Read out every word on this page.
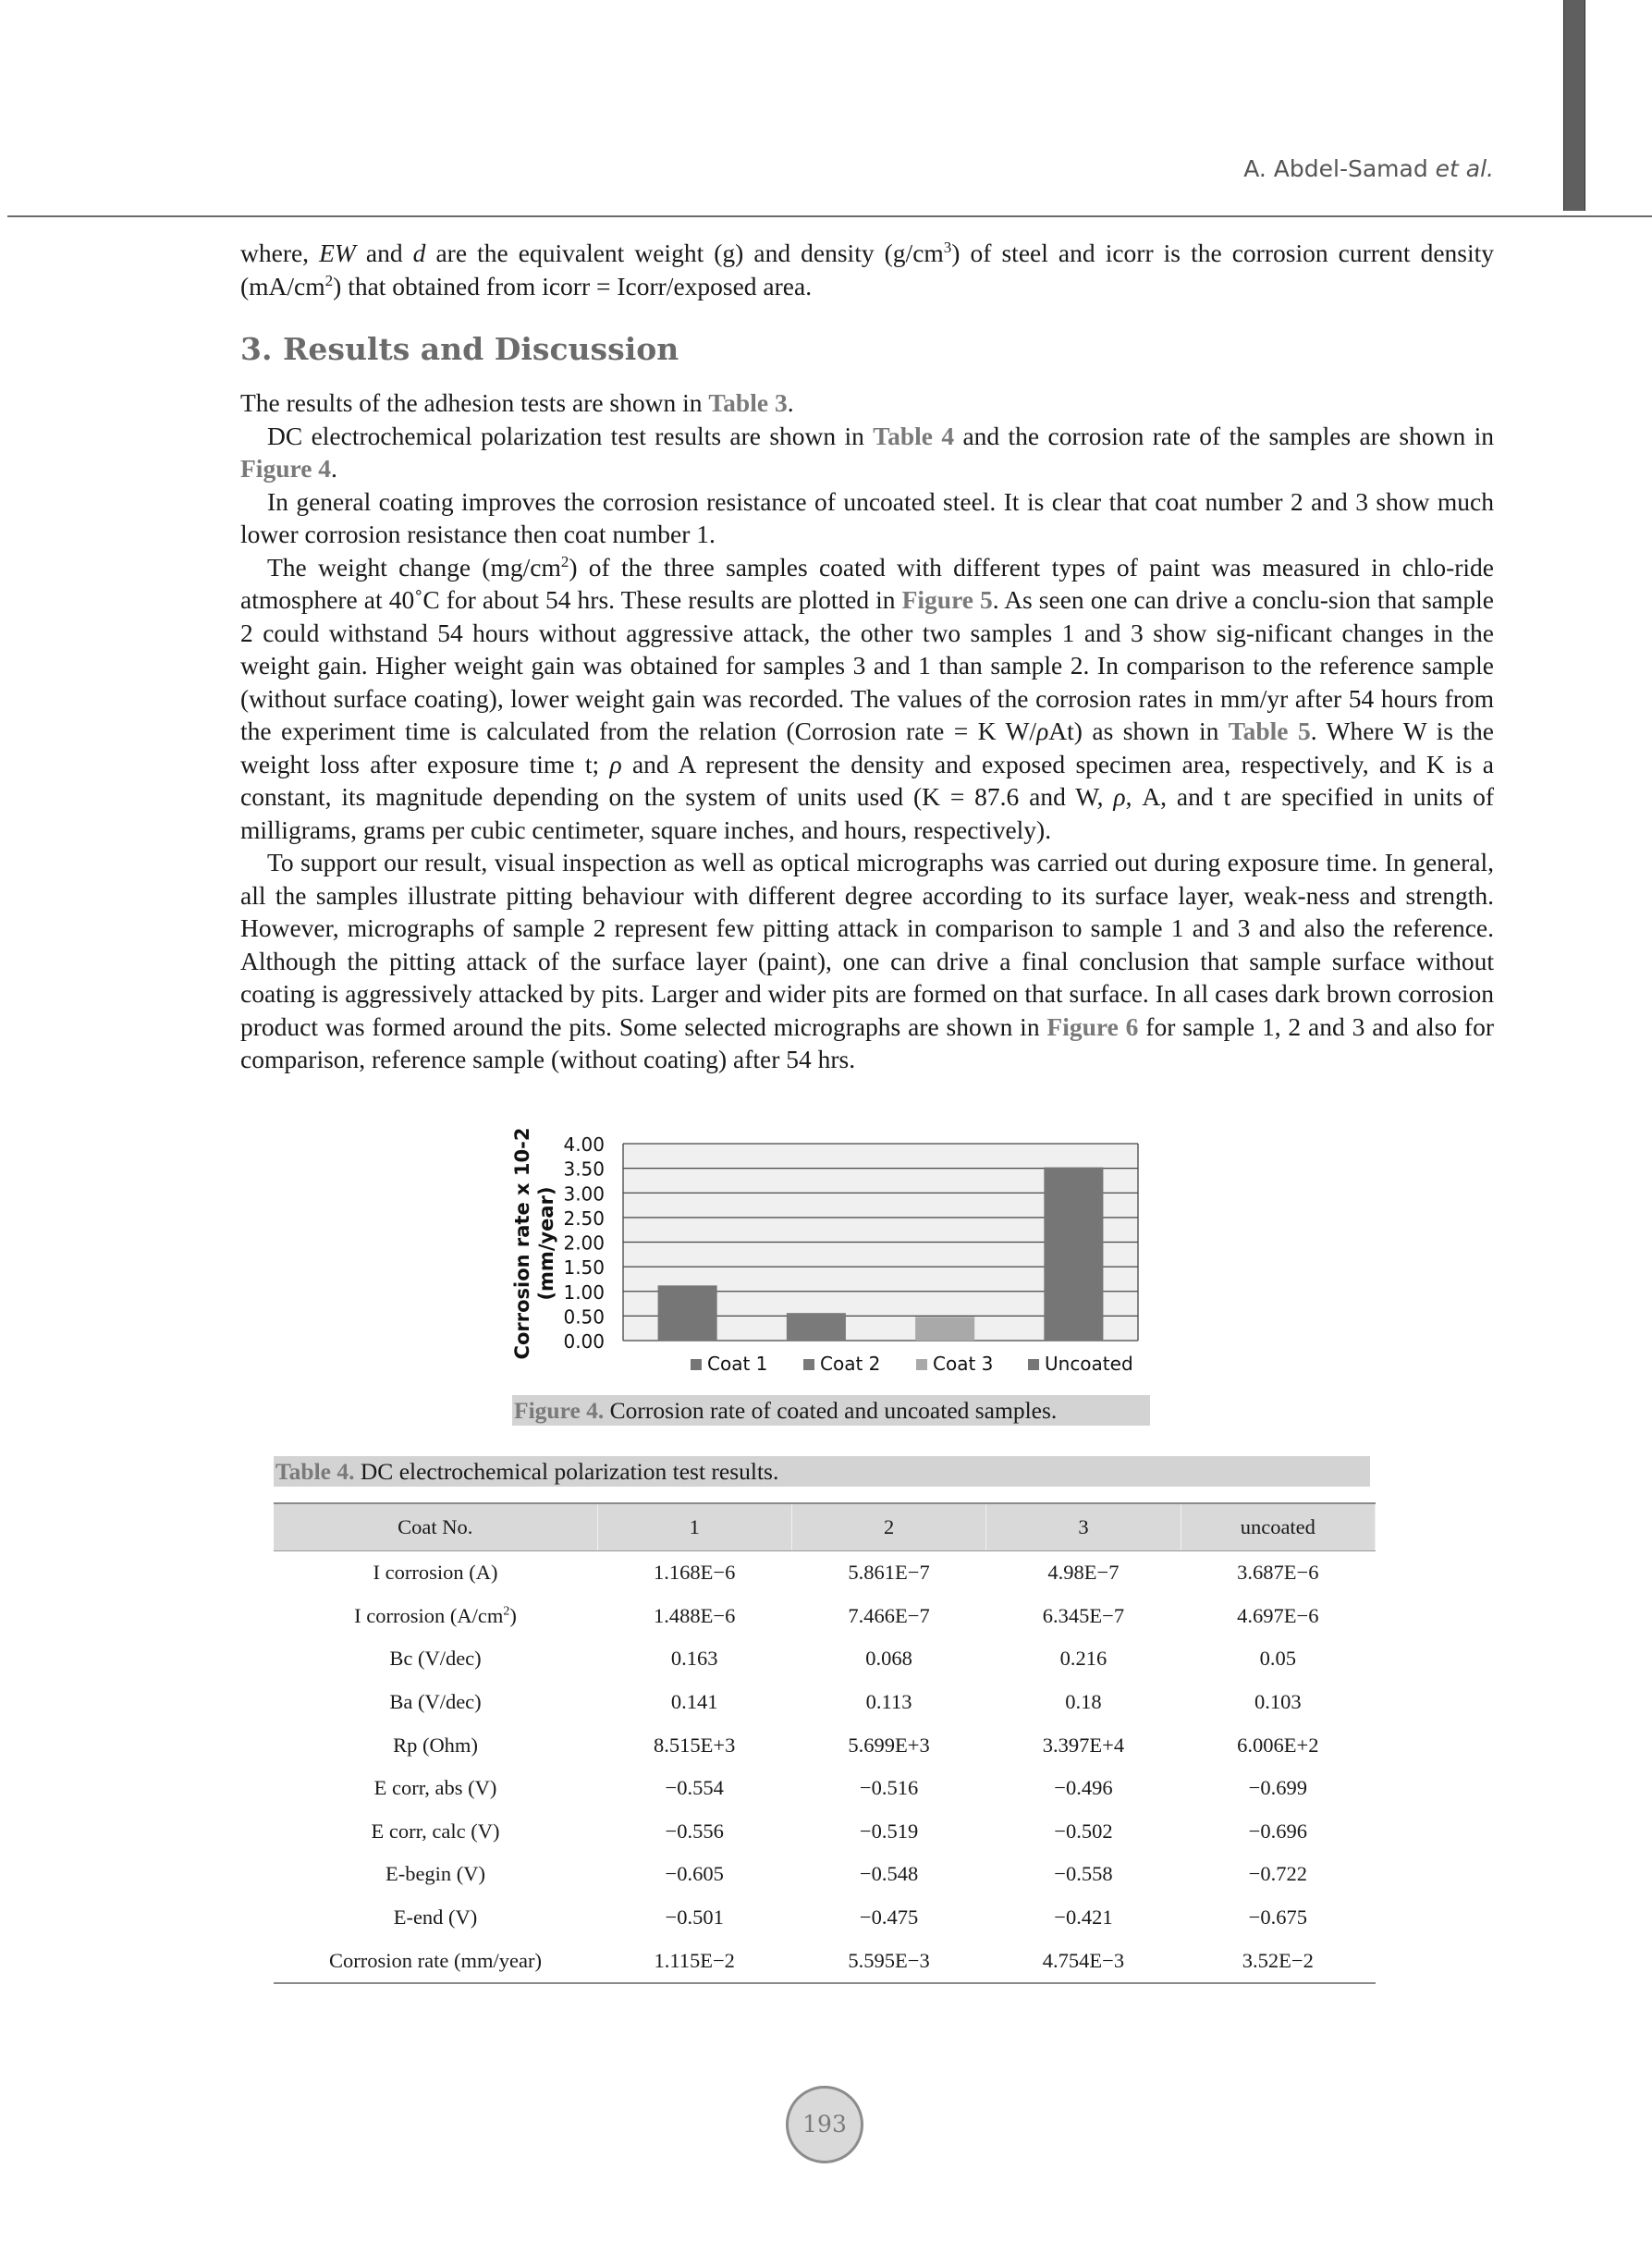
A. Abdel-Samad et al.

where, EW and d are the equivalent weight (g) and density $(g/cm^3)$ of steel and icorr is the corrosion current density $(mA/cm^2)$ that obtained from icorr = Icorr/exposed area.

3. Results and Discussion

The results of the adhesion tests are shown in Table 3.

DC electrochemical polarization test results are shown in Table 4 and the corrosion rate of the samples are shown in Figure 4.

In general coating improves the corrosion resistance of uncoated steel. It is clear that coat number 2 and 3 show much lower corrosion resistance then coat number 1.

The weight change $(mg/cm^2)$ of the three samples coated with different types of paint was measured in chlo-ride atmosphere at 40˚C for about 54 hrs. These results are plotted in Figure 5. As seen one can drive a conclu-sion that sample 2 could withstand 54 hours without aggressive attack, the other two samples 1 and 3 show sig-nificant changes in the weight gain. Higher weight gain was obtained for samples 3 and 1 than sample 2. In comparison to the reference sample (without surface coating), lower weight gain was recorded. The values of the corrosion rates in mm/yr after 54 hours from the experiment time is calculated from the relation (Corrosion rate = K W/ρAt) as shown in Table 5. Where W is the weight loss after exposure time t; ρ and A represent the density and exposed specimen area, respectively, and K is a constant, its magnitude depending on the system of units used (K = 87.6 and W, ρ, A, and t are specified in units of milligrams, grams per cubic centimeter, square inches, and hours, respectively).

To support our result, visual inspection as well as optical micrographs was carried out during exposure time. In general, all the samples illustrate pitting behaviour with different degree according to its surface layer, weak-ness and strength. However, micrographs of sample 2 represent few pitting attack in comparison to sample 1 and 3 and also the reference. Although the pitting attack of the surface layer (paint), one can drive a final conclusion that sample surface without coating is aggressively attacked by pits. Larger and wider pits are formed on that surface. In all cases dark brown corrosion product was formed around the pits. Some selected micrographs are shown in Figure 6 for sample 1, 2 and 3 and also for comparison, reference sample (without coating) after 54 hrs.

0.00
0.50
1.00
1.50
2.00
2.50
3.00
3.50
4.00
Coat 1	Coat 2	Coat 3	Uncoated
Corrosion rate x 10-2 (mm/year)
Figure 4. Corrosion rate of coated and uncoated samples.
Table 4. DC electrochemical polarization test results.
Coat No.	1	2	3	uncoated
I corrosion (A)	1.168E−6	5.861E−7	4.98E−7	3.687E−6
I corrosion $(A/cm^2)$	1.488E−6	7.466E−7	6.345E−7	4.697E−6
Bc (V/dec)	0.163	0.068	0.216	0.05
Ba (V/dec)	0.141	0.113	0.18	0.103
Rp (Ohm)	8.515E+3	5.699E+3	3.397E+4	6.006E+2
E corr, abs (V)	−0.554	−0.516	−0.496	−0.699
E corr, calc (V)	−0.556	−0.519	−0.502	−0.696
E-begin (V)	−0.605	−0.548	−0.558	−0.722
E-end (V)	−0.501	−0.475	−0.421	−0.675
Corrosion rate (mm/year)	1.115E−2	5.595E−3	4.754E−3	3.52E−2
193
